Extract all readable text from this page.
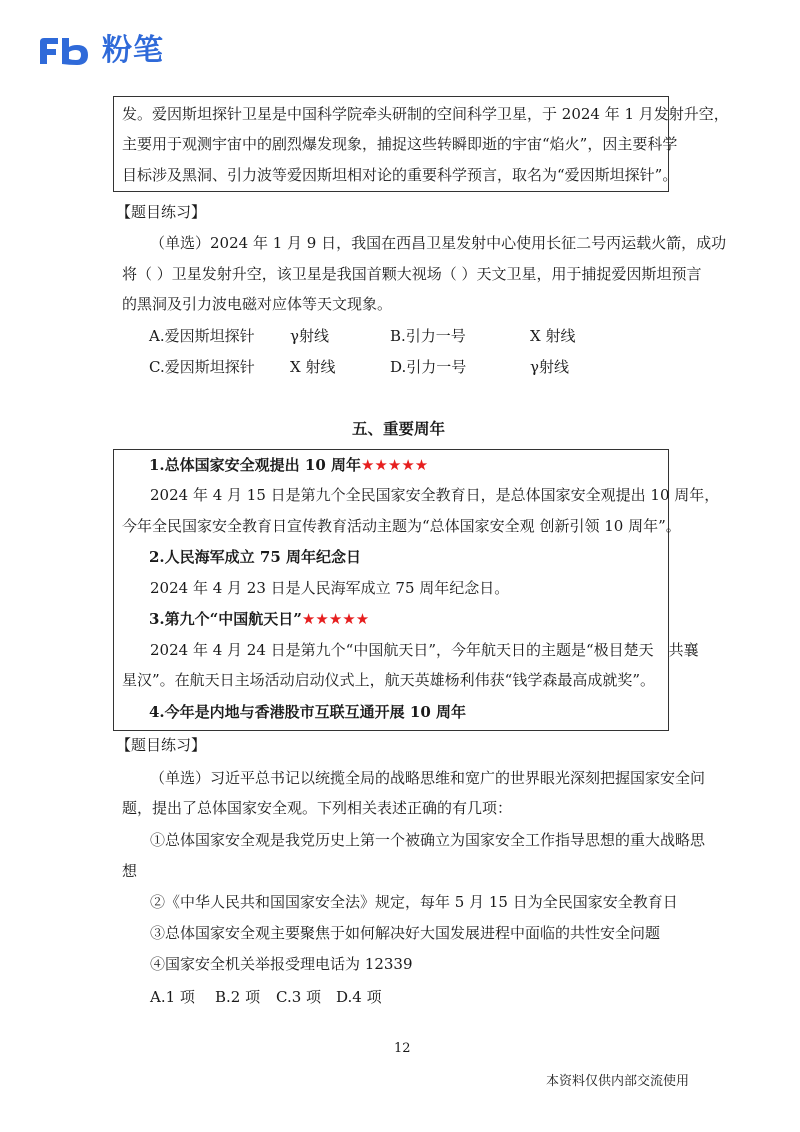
粉笔
发。爱因斯坦探针卫星是中国科学院牵头研制的空间科学卫星，于 2024 年 1 月发射升空，
主要用于观测宇宙中的剧烈爆发现象，捕捉这些转瞬即逝的宇宙“焰火”，因主要科学
目标涉及黑洞、引力波等爱因斯坦相对论的重要科学预言，取名为“爱因斯坦探针”。
【题目练习】
（单选）2024 年 1 月 9 日，我国在西昌卫星发射中心使用长征二号丙运载火箭，成功
将（ ）卫星发射升空，该卫星是我国首颗大视场（ ）天文卫星，用于捕捉爱因斯坦预言
的黑洞及引力波电磁对应体等天文现象。
A.爱因斯坦探针 γ射线	B.引力一号	X 射线
C.爱因斯坦探针 X 射线	D.引力一号	γ射线
五、重要周年
1.总体国家安全观提出 10 周年★★★★★
2024 年 4 月 15 日是第九个全民国家安全教育日，是总体国家安全观提出 10 周年，
今年全民国家安全教育日宣传教育活动主题为“总体国家安全观 创新引领 10 周年”。
2.人民海军成立 75 周年纪念日
2024 年 4 月 23 日是人民海军成立 75 周年纪念日。
3.第九个“中国航天日”★★★★★
2024 年 4 月 24 日是第九个“中国航天日”，今年航天日的主题是“极目楚天　共襄
星汉”。在航天日主场活动启动仪式上，航天英雄杨利伟获“钱学森最高成就奖”。
4.今年是内地与香港股市互联互通开展 10 周年
【题目练习】
（单选）习近平总书记以统揽全局的战略思维和宽广的世界眼光深刻把握国家安全问
题，提出了总体国家安全观。下列相关表述正确的有几项：
①总体国家安全观是我党历史上第一个被确立为国家安全工作指导思想的重大战略思
想
②《中华人民共和国国家安全法》规定，每年 5 月 15 日为全民国家安全教育日
③总体国家安全观主要聚焦于如何解决好大国发展进程中面临的共性安全问题
④国家安全机关举报受理电话为 12339
A.1 项 B.2 项 C.3 项 D.4 项
12
本资料仅供内部交流使用
